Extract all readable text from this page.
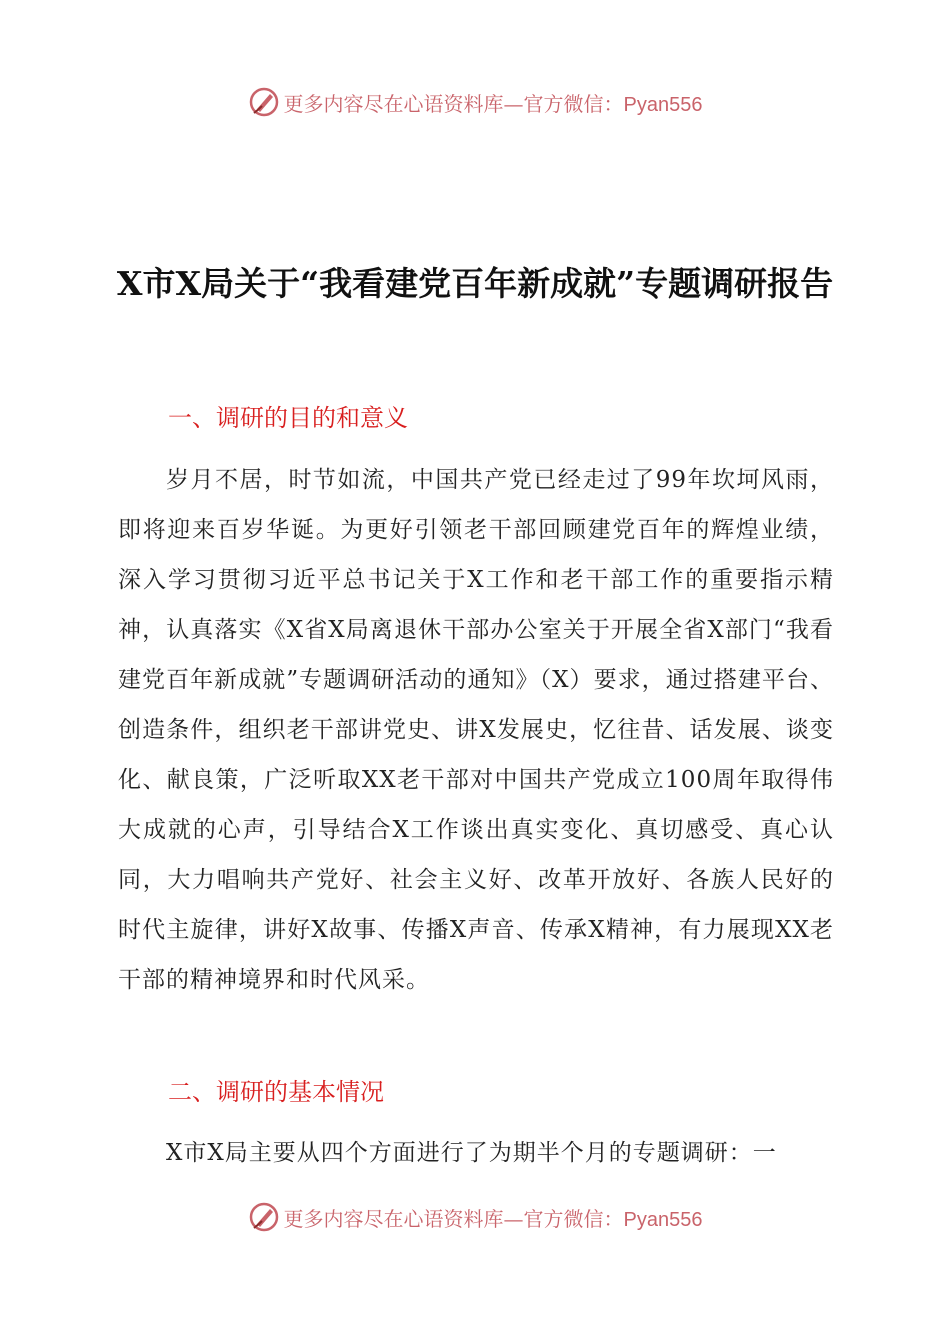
更多内容尽在心语资料库—官方微信：Pyan556
X市X局关于“我看建党百年新成就”专题调研报告
一、调研的目的和意义

岁月不居，时节如流，中国共产党已经走过了99年坎坷风雨，即将迎来百岁华诞。为更好引领老干部回顾建党百年的辉煌业绩，深入学习贯彻习近平总书记关于X工作和老干部工作的重要指示精神，认真落实《X省X局离退休干部办公室关于开展全省X部门“我看建党百年新成就”专题调研活动的通知》（X）要求，通过搭建平台、创造条件，组织老干部讲党史、讲X发展史，忆往昔、话发展、谈变化、献良策，广泛听取XX老干部对中国共产党成立100周年取得伟大成就的心声，引导结合X工作谈出真实变化、真切感受、真心认同，大力唱响共产党好、社会主义好、改革开放好、各族人民好的时代主旋律，讲好X故事、传播X声音、传承X精神，有力展现XX老干部的精神境界和时代风采。

二、调研的基本情况

X市X局主要从四个方面进行了为期半个月的专题调研：一

更多内容尽在心语资料库—官方微信：Pyan556
